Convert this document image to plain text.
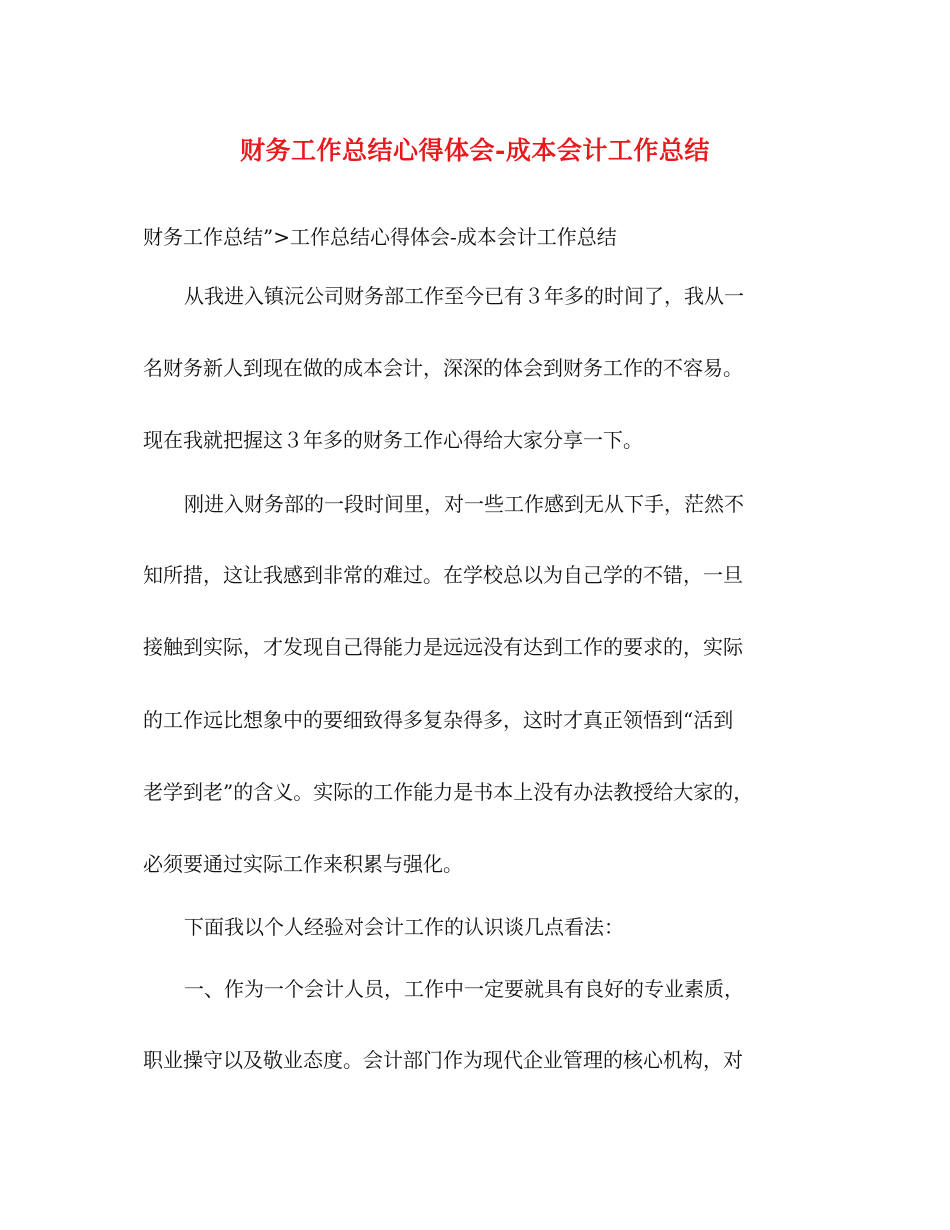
财务工作总结心得体会-成本会计工作总结
财务工作总结”>工作总结心得体会-成本会计工作总结
从我进入镇沅公司财务部工作至今已有３年多的时间了，我从一
名财务新人到现在做的成本会计，深深的体会到财务工作的不容易。
现在我就把握这３年多的财务工作心得给大家分享一下。
刚进入财务部的一段时间里，对一些工作感到无从下手，茫然不
知所措，这让我感到非常的难过。在学校总以为自己学的不错，一旦
接触到实际，才发现自己得能力是远远没有达到工作的要求的，实际
的工作远比想象中的要细致得多复杂得多，这时才真正领悟到“活到
老学到老”的含义。实际的工作能力是书本上没有办法教授给大家的，
必须要通过实际工作来积累与强化。
下面我以个人经验对会计工作的认识谈几点看法：
一、作为一个会计人员，工作中一定要就具有良好的专业素质，
职业操守以及敬业态度。会计部门作为现代企业管理的核心机构，对
